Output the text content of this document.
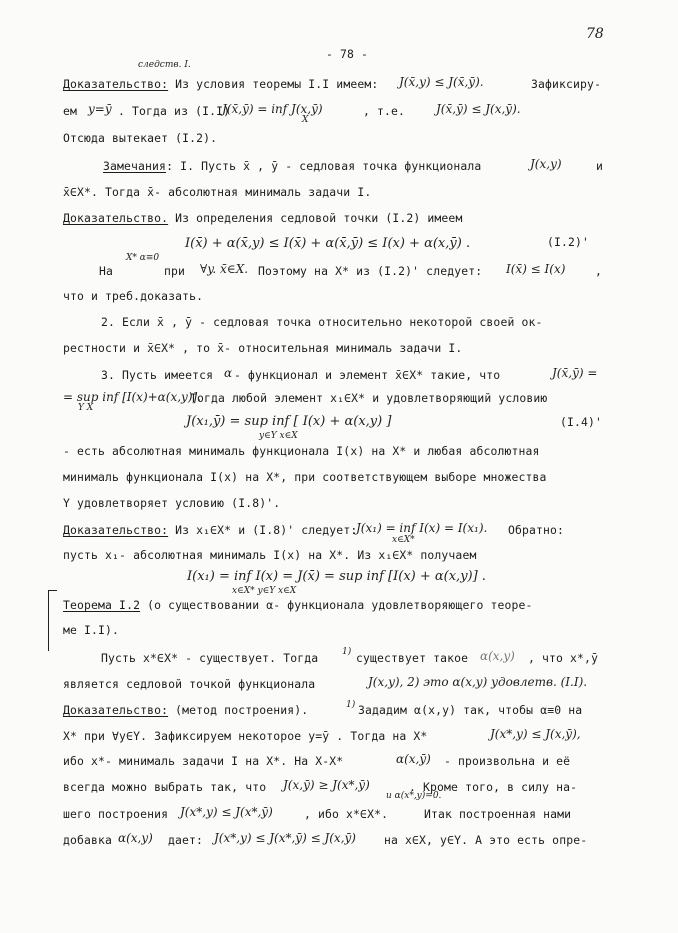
78
- 78 -
следств. I.
Доказательство: Из условия теоремы I.I имеем: J(x̄,y) ≤ J(x̄,ȳ).	Зафиксиру-
ем y=ȳ . Тогда из (I.I)
J(x̄,ȳ) = inf J(x,ȳ)
X
, т.е.	J(x̄,ȳ) ≤ J(x,ȳ).
Отсюда вытекает (I.2).
Замечания: I. Пусть x̄ , ȳ - седловая точка функционала	J(x,y)	и
x̄∈X*. Тогда x̄- абсолютная минималь задачи I.
Доказательство. Из определения седловой точки (I.2) имеем
I(x̄) + α(x̄,y) ≤ I(x̄) + α(x̄,ȳ) ≤ I(x) + α(x,ȳ) .	(I.2)'
На
X* α≡0
при ∀y. x̄∈X. Поэтому на X* из (I.2)' следует: I(x̄) ≤ I(x)	,
что и треб.доказать.
2. Если x̄ , ȳ - седловая точка относительно некоторой своей ок-
рестности и x̄∈X* , то x̄- относительная минималь задачи I.
3. Пусть имеется α - функционал и элемент x̄∈X* такие, что	J(x̄,ȳ) =
= sup inf [I(x)+α(x,y)].
Y X
Тогда любой элемент x₁∈X* и удовлетворяющий условию
J(x₁,ȳ) = sup inf [ I(x) + α(x,y) ]
y∈Y x∈X
(I.4)'
- есть абсолютная минималь функционала I(x) на X* и любая абсолютная
минималь функционала I(x) на X*, при соответствующем выборе множества
Y удовлетворяет условию (I.8)'.
Доказательство: Из x₁∈X* и (I.8)' следует:
J(x₁) = inf I(x) = I(x₁).
x∈X*
Обратно:
пусть x₁- абсолютная минималь I(x) на X*. Из x₁∈X* получаем
I(x₁) = inf I(x) = J(x̄) = sup inf [I(x) + α(x,y)] .
x∈X* y∈Y x∈X
Теорема I.2 (о существовании α- функционала удовлетворяющего теоре-
ме I.I).
Пусть x*∈X* - существует. Тогда	1) существует такое α(x,y) , что x*,ȳ
является седловой точкой функционала	J(x,y), 2) это α(x,y) удовлетв. (I.I).
Доказательство: (метод построения).	1) Зададим α(x,y) так, чтобы α≡0 на
X* при ∀y∈Y. Зафиксируем некоторое y=ȳ . Тогда на X*	J(x*,y) ≤ J(x,ȳ),
ибо x*- минималь задачи I на X*. На X-X*	α(x,ȳ) - произвольна и её
всегда можно выбрать так, что J(x,ȳ) ≥ J(x*,ȳ)	. Кроме того, в силу на-
и α(x*,y)=0.
шего построения J(x*,y) ≤ J(x*,ȳ)	, ибо x*∈X*.	Итак построенная нами
добавка α(x,y) дает: J(x*,y) ≤ J(x*,ȳ) ≤ J(x,ȳ) на x∈X, y∈Y. А это есть опре-
